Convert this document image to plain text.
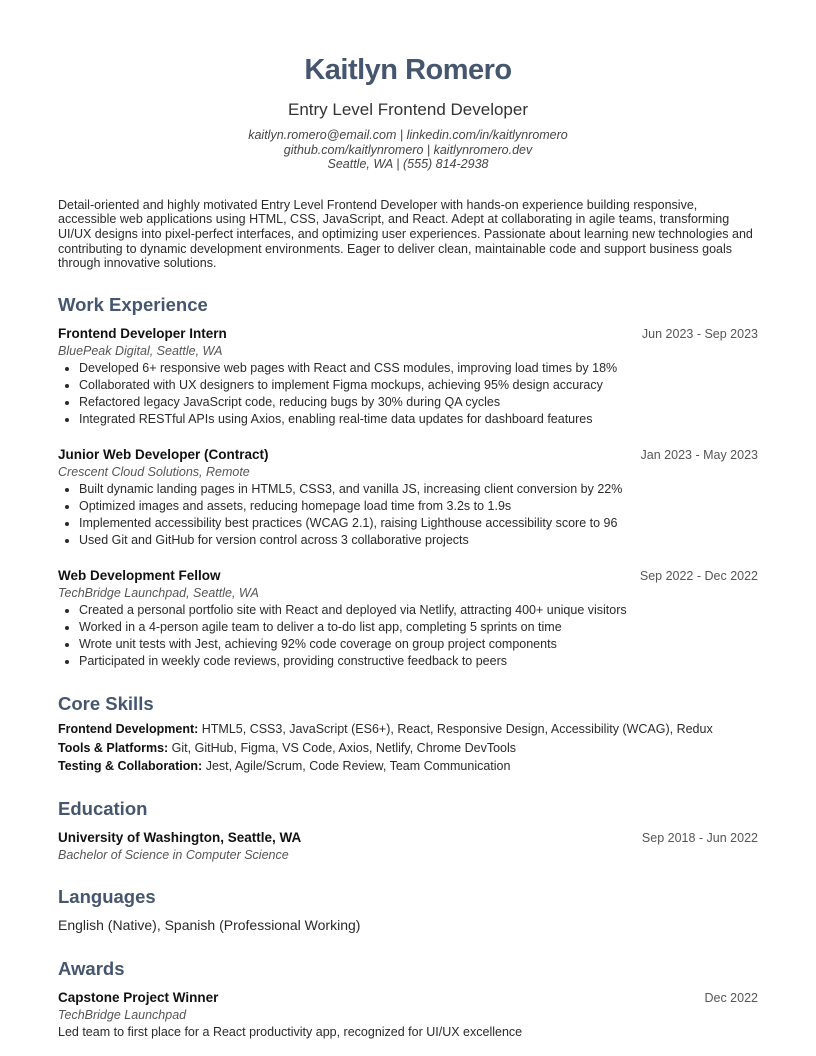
Kaitlyn Romero
Entry Level Frontend Developer
kaitlyn.romero@email.com | linkedin.com/in/kaitlynromero
github.com/kaitlynromero | kaitlynromero.dev
Seattle, WA | (555) 814-2938
Detail-oriented and highly motivated Entry Level Frontend Developer with hands-on experience building responsive, accessible web applications using HTML, CSS, JavaScript, and React. Adept at collaborating in agile teams, transforming UI/UX designs into pixel-perfect interfaces, and optimizing user experiences. Passionate about learning new technologies and contributing to dynamic development environments. Eager to deliver clean, maintainable code and support business goals through innovative solutions.
Work Experience
Frontend Developer Intern	Jun 2023 - Sep 2023
BluePeak Digital, Seattle, WA
• Developed 6+ responsive web pages with React and CSS modules, improving load times by 18%
• Collaborated with UX designers to implement Figma mockups, achieving 95% design accuracy
• Refactored legacy JavaScript code, reducing bugs by 30% during QA cycles
• Integrated RESTful APIs using Axios, enabling real-time data updates for dashboard features
Junior Web Developer (Contract)	Jan 2023 - May 2023
Crescent Cloud Solutions, Remote
• Built dynamic landing pages in HTML5, CSS3, and vanilla JS, increasing client conversion by 22%
• Optimized images and assets, reducing homepage load time from 3.2s to 1.9s
• Implemented accessibility best practices (WCAG 2.1), raising Lighthouse accessibility score to 96
• Used Git and GitHub for version control across 3 collaborative projects
Web Development Fellow	Sep 2022 - Dec 2022
TechBridge Launchpad, Seattle, WA
• Created a personal portfolio site with React and deployed via Netlify, attracting 400+ unique visitors
• Worked in a 4-person agile team to deliver a to-do list app, completing 5 sprints on time
• Wrote unit tests with Jest, achieving 92% code coverage on group project components
• Participated in weekly code reviews, providing constructive feedback to peers
Core Skills
Frontend Development: HTML5, CSS3, JavaScript (ES6+), React, Responsive Design, Accessibility (WCAG), Redux
Tools & Platforms: Git, GitHub, Figma, VS Code, Axios, Netlify, Chrome DevTools
Testing & Collaboration: Jest, Agile/Scrum, Code Review, Team Communication
Education
University of Washington, Seattle, WA	Sep 2018 - Jun 2022
Bachelor of Science in Computer Science
Languages
English (Native), Spanish (Professional Working)
Awards
Capstone Project Winner	Dec 2022
TechBridge Launchpad
Led team to first place for a React productivity app, recognized for UI/UX excellence
